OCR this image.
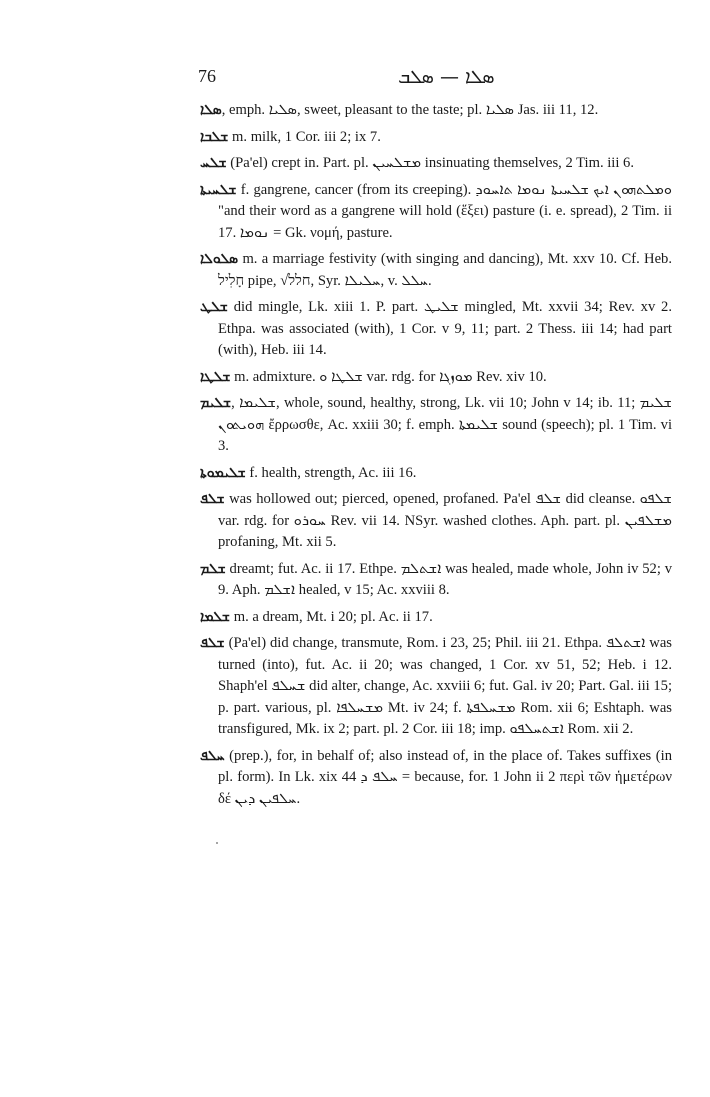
76	ܣܠܐ — ܣܠܒ

ܣܠܐ, emph. ܣܠܝܐ, sweet, pleasant to the taste; pl. ܣܠܝܐ Jas. iii 11, 12.

ܫܠܒܐ m. milk, 1 Cor. iii 2; ix 7.

ܫܠܚ (Pa'el) crept in. Part. pl. ܡܫܠܚܝܢ insinuating themselves, 2 Tim. iii 6.

ܫܠܚܝܬܐ f. gangrene, cancer (from its creeping). ܘܡܠܬܗܘܢ ܐܝܟ ܫܠܚܝܬܐ ܢܘܡܐ ܬܐܚܘܕ "and their word as a gangrene will hold (ἕξει) pasture (i. e. spread), 2 Tim. ii 17. ܢܘܡܐ = Gk. νομή, pasture.

ܣܠܘܠܐ m. a marriage festivity (with singing and dancing), Mt. xxv 10. Cf. Heb. חָלִיל pipe, √חלל, Syr. ܚܠܝܠܐ, v. ܚܠܠ.

ܫܠܛ did mingle, Lk. xiii 1. P. part. ܫܠܝܛ mingled, Mt. xxvii 34; Rev. xv 2. Ethpa. was associated (with), 1 Cor. v 9, 11; part. 2 Thess. iii 14; had part (with), Heb. iii 14.

ܫܠܛܐ m. admixture. ܫܠܛܐ ܘ var. rdg. for ܡܘܙܓܐ Rev. xiv 10.

ܫܠܝܡ, ܫܠܝܡܐ, whole, sound, healthy, strong, Lk. vii 10; John v 14; ib. 11; ܫܠܝܡ ܗܘܝܬܘܢ ἔρρωσθε, Ac. xxiii 30; f. emph. ܫܠܝܡܬܐ sound (speech); pl. 1 Tim. vi 3.

ܫܠܝܡܘܬܐ f. health, strength, Ac. iii 16.

ܫܠܦ was hollowed out; pierced, opened, profaned. Pa'el ܫܠܦ did cleanse. ܫܠܦܘ var. rdg. for ܚܘܪܘ Rev. vii 14. NSyr. washed clothes. Aph. part. pl. ܡܫܠܦܝܢ profaning, Mt. xii 5.

ܫܠܡ dreamt; fut. Ac. ii 17. Ethpe. ܐܫܬܠܡ was healed, made whole, John iv 52; v 9. Aph. ܐܫܠܡ healed, v 15; Ac. xxviii 8.

ܫܠܡܐ m. a dream, Mt. i 20; pl. Ac. ii 17.

ܫܠܦ (Pa'el) did change, transmute, Rom. i 23, 25; Phil. iii 21. Ethpa. ܐܫܬܠܦ was turned (into), fut. Ac. ii 20; was changed, 1 Cor. xv 51, 52; Heb. i 12. Shaph'el ܫܚܠܦ did alter, change, Ac. xxviii 6; fut. Gal. iv 20; Part. Gal. iii 15; p. part. various, pl. ܡܫܚܠܦܐ Mt. iv 24; f. ܡܫܚܠܦܬܐ Rom. xii 6; Eshtaph. was transfigured, Mk. ix 2; part. pl. 2 Cor. iii 18; imp. ܐܫܬܚܠܦܘ Rom. xii 2.

ܚܠܦ (prep.), for, in behalf of; also instead of, in the place of. Takes suffixes (in pl. form). In Lk. xix 44 ܚܠܦ ܕ = because, for. 1 John ii 2 περὶ τῶν ἡμετέρων δέ ܚܠܦܝܢ ܕܝܢ.
